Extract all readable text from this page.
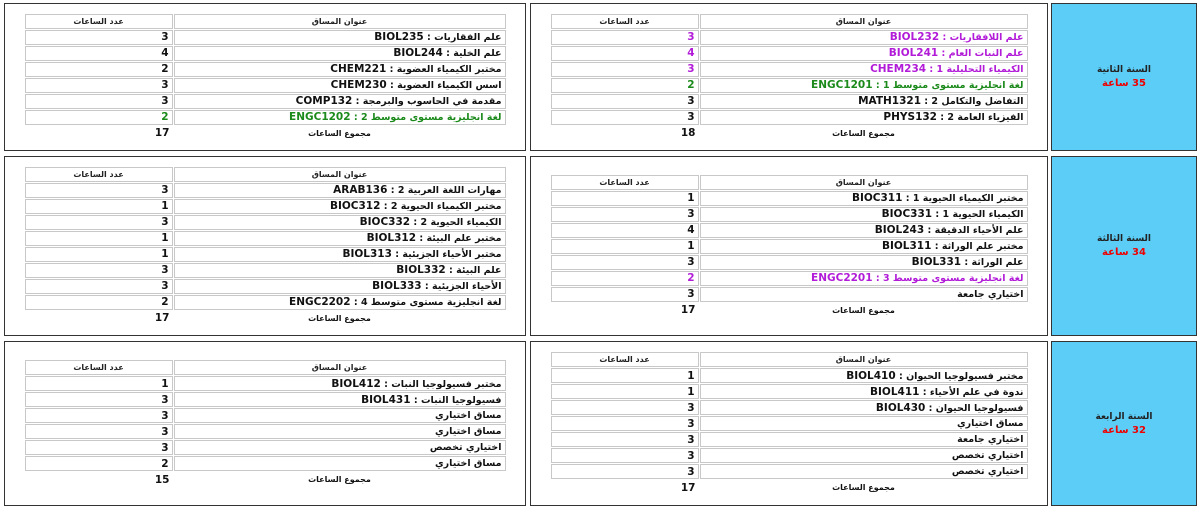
السنة الثانية
35 ساعة
عنوان المساق	عدد الساعات
علم اللافقاريات : BIOL232	3
علم النبات العام : BIOL241	4
الكيمياء التحليلية 1 : CHEM234	3
لغة انجليزية مستوى متوسط 1 : ENGC1201	2
التفاضل والتكامل 2 : MATH1321	3
الفيزياء العامة 2 : PHYS132	3
مجموع الساعات	18
عنوان المساق	عدد الساعات
علم الفقاريات : BIOL235	3
علم الخلية : BIOL244	4
مختبر الكيمياء العضوية : CHEM221	2
اسس الكيمياء العضوية : CHEM230	3
مقدمة في الحاسوب والبرمجة : COMP132	3
لغة انجليزية مستوى متوسط 2 : ENGC1202	2
مجموع الساعات	17
السنة الثالثة
34 ساعة
عنوان المساق	عدد الساعات
مختبر الكيمياء الحيوية 1 : BIOC311	1
الكيمياء الحيوية 1 : BIOC331	3
علم الأحياء الدقيقة : BIOL243	4
مختبر علم الوراثة : BIOL311	1
علم الوراثة : BIOL331	3
لغة انجليزية مستوى متوسط 3 : ENGC2201	2
اختياري جامعة	3
مجموع الساعات	17
عنوان المساق	عدد الساعات
مهارات اللغة العربية 2 : ARAB136	3
مختبر الكيمياء الحيوية 2 : BIOC312	1
الكيمياء الحيوية 2 : BIOC332	3
مختبر علم البيئة : BIOL312	1
مختبر الأحياء الجزيئية : BIOL313	1
علم البيئة : BIOL332	3
الأحياء الجزيئية : BIOL333	3
لغة انجليزية مستوى متوسط 4 : ENGC2202	2
مجموع الساعات	17
السنة الرابعة
32 ساعة
عنوان المساق	عدد الساعات
مختبر فسيولوجيا الحيوان : BIOL410	1
ندوة في علم الأحياء : BIOL411	1
فسيولوجيا الحيوان : BIOL430	3
مساق اختياري	3
اختياري جامعة	3
اختياري تخصص	3
اختياري تخصص	3
مجموع الساعات	17
عنوان المساق	عدد الساعات
مختبر فسيولوجيا النبات : BIOL412	1
فسيولوجيا النبات : BIOL431	3
مساق اختياري	3
مساق اختياري	3
اختياري تخصص	3
مساق اختياري	2
مجموع الساعات	15
